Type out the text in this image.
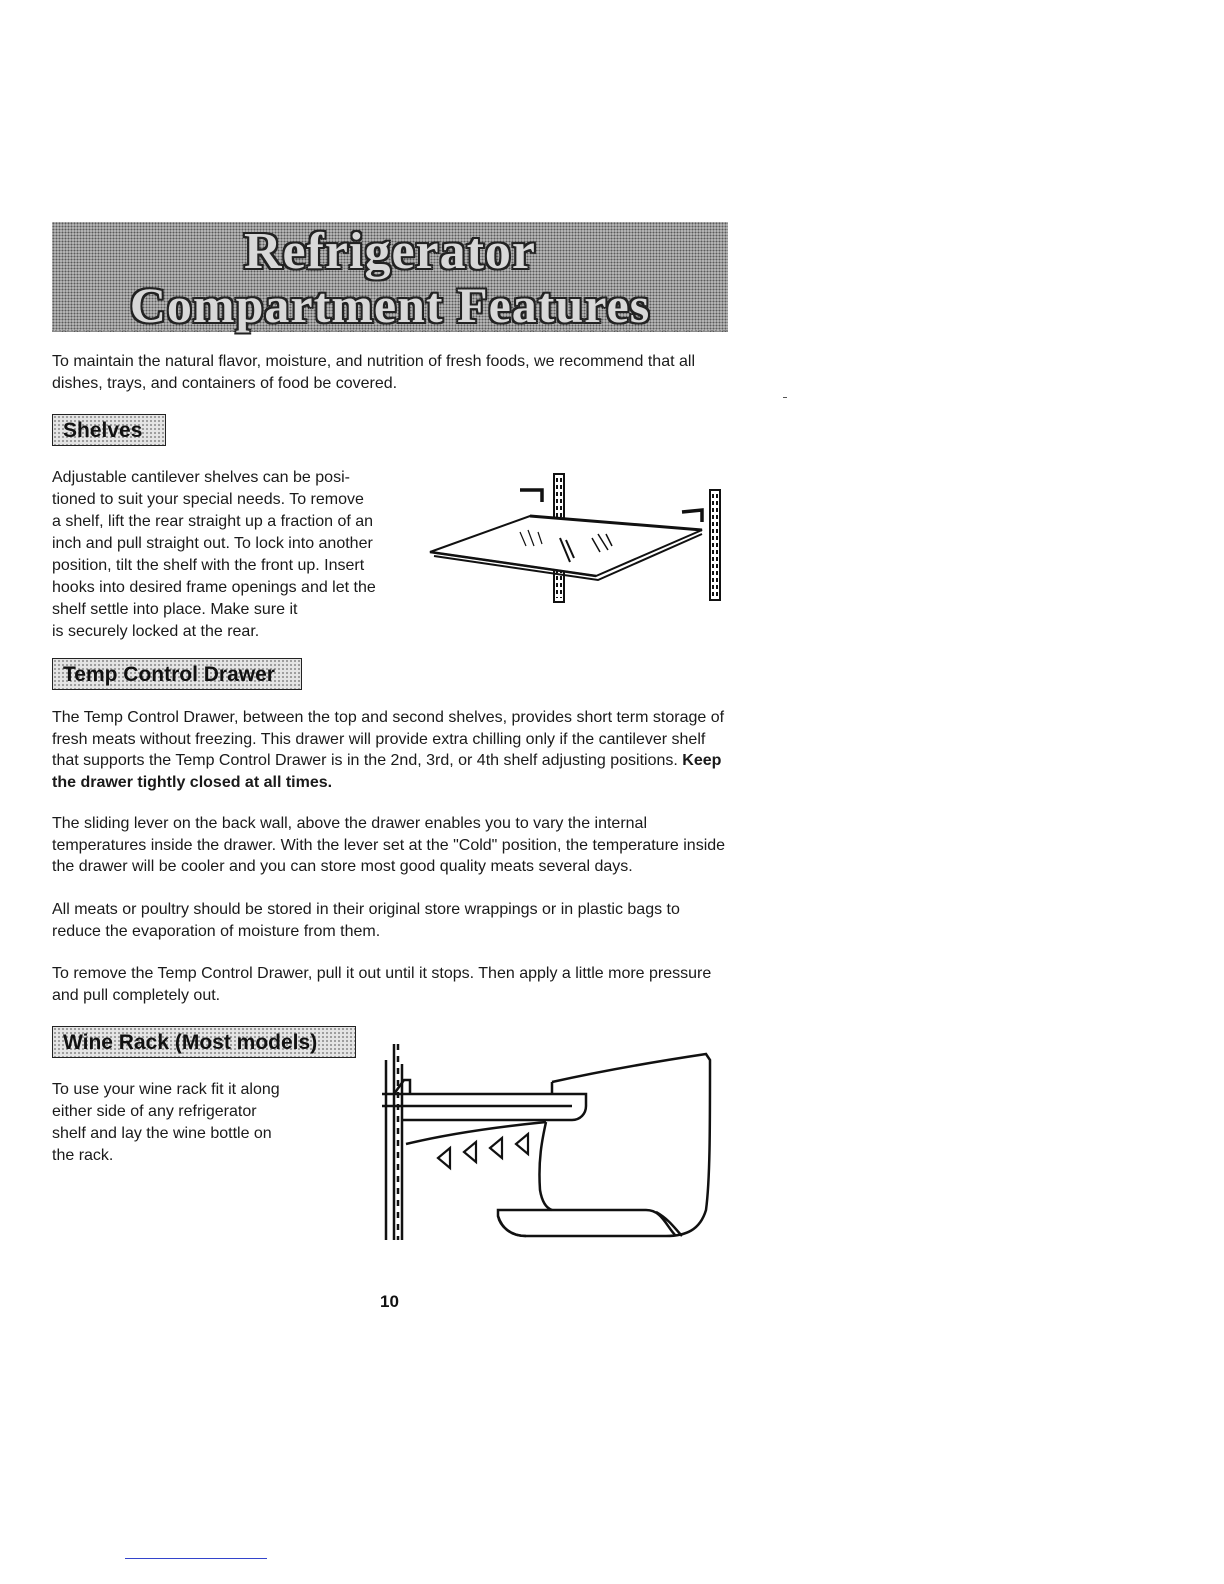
Refrigerator
Compartment Features
To maintain the natural flavor, moisture, and nutrition of fresh foods, we recommend that all dishes, trays, and containers of food be covered.
Shelves
Adjustable cantilever shelves can be posi-
tioned to suit your special needs. To remove
a shelf, lift the rear straight up a fraction of an
inch and pull straight out. To lock into another
position, tilt the shelf with the front up. Insert
hooks into desired frame openings and let the
shelf settle into place. Make sure it
is securely locked at the rear.
Temp Control Drawer
The Temp Control Drawer, between the top and second shelves, provides short term storage of fresh meats without freezing. This drawer will provide extra chilling only if the cantilever shelf that supports the Temp Control Drawer is in the 2nd, 3rd, or 4th shelf adjusting positions. Keep the drawer tightly closed at all times.
The sliding lever on the back wall, above the drawer enables you to vary the internal temperatures inside the drawer. With the lever set at the "Cold" position, the temperature inside the drawer will be cooler and you can store most good quality meats several days.
All meats or poultry should be stored in their original store wrappings or in plastic bags to reduce the evaporation of moisture from them.
To remove the Temp Control Drawer, pull it out until it stops. Then apply a little more pressure and pull completely out.
Wine Rack (Most models)
To use your wine rack fit it along
either side of any refrigerator
shelf and lay the wine bottle on
the rack.
10
